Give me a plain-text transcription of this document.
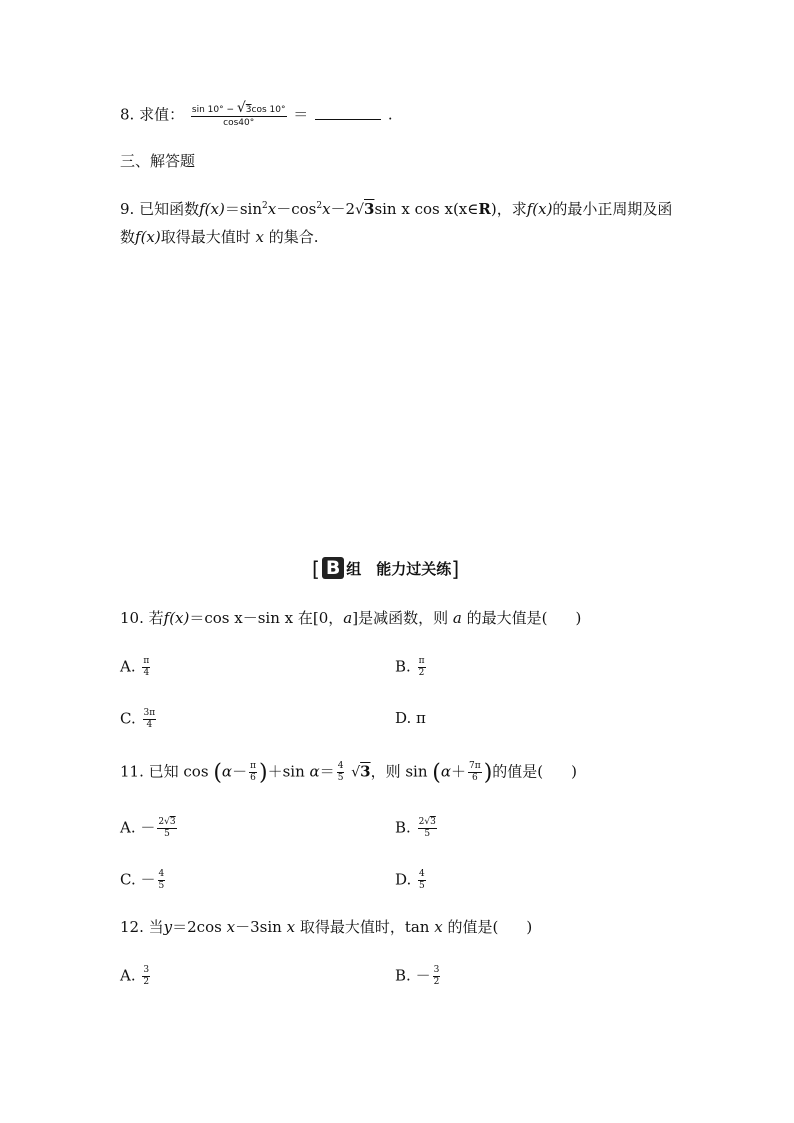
8. 求值： $\frac{\sin 10^\circ - √3\cos 10^\circ}{\cos 40^\circ}$ ＝	.
三、解答题
9. 已知函数$f(x)=\sin^2x-\cos^2x-2√3\sin$ x cos x(x∈R)，求f(x)的最小正周期及函
数f(x)取得最大值时 x 的集合.
[ B 组　能力过关练]
10. 若f(x)＝cos x－sin x 在[0，a]是减函数，则 a 的最大值是( )
A. $\frac{\pi}{4}$	B. $\frac{\pi}{2}$
C. $\frac{3\pi}{4}$	D. π
11. 已知 $\cos (\alpha- \frac{\pi}{6} )+\sin$ $\alpha= \frac{4}{5} √3$，则 $\sin (\alpha+ \frac{7\pi}{6}$ )的值是( )
A. － $\frac{2√3}{5}$	B. $\frac{2√3}{5}$
C. － $\frac{4}{5}$	D. $\frac{4}{5}$
12. 当y＝2cos x－3sin x 取得最大值时，tan x 的值是( )
A. $\frac{3}{2}$	B. － $\frac{3}{2}$
